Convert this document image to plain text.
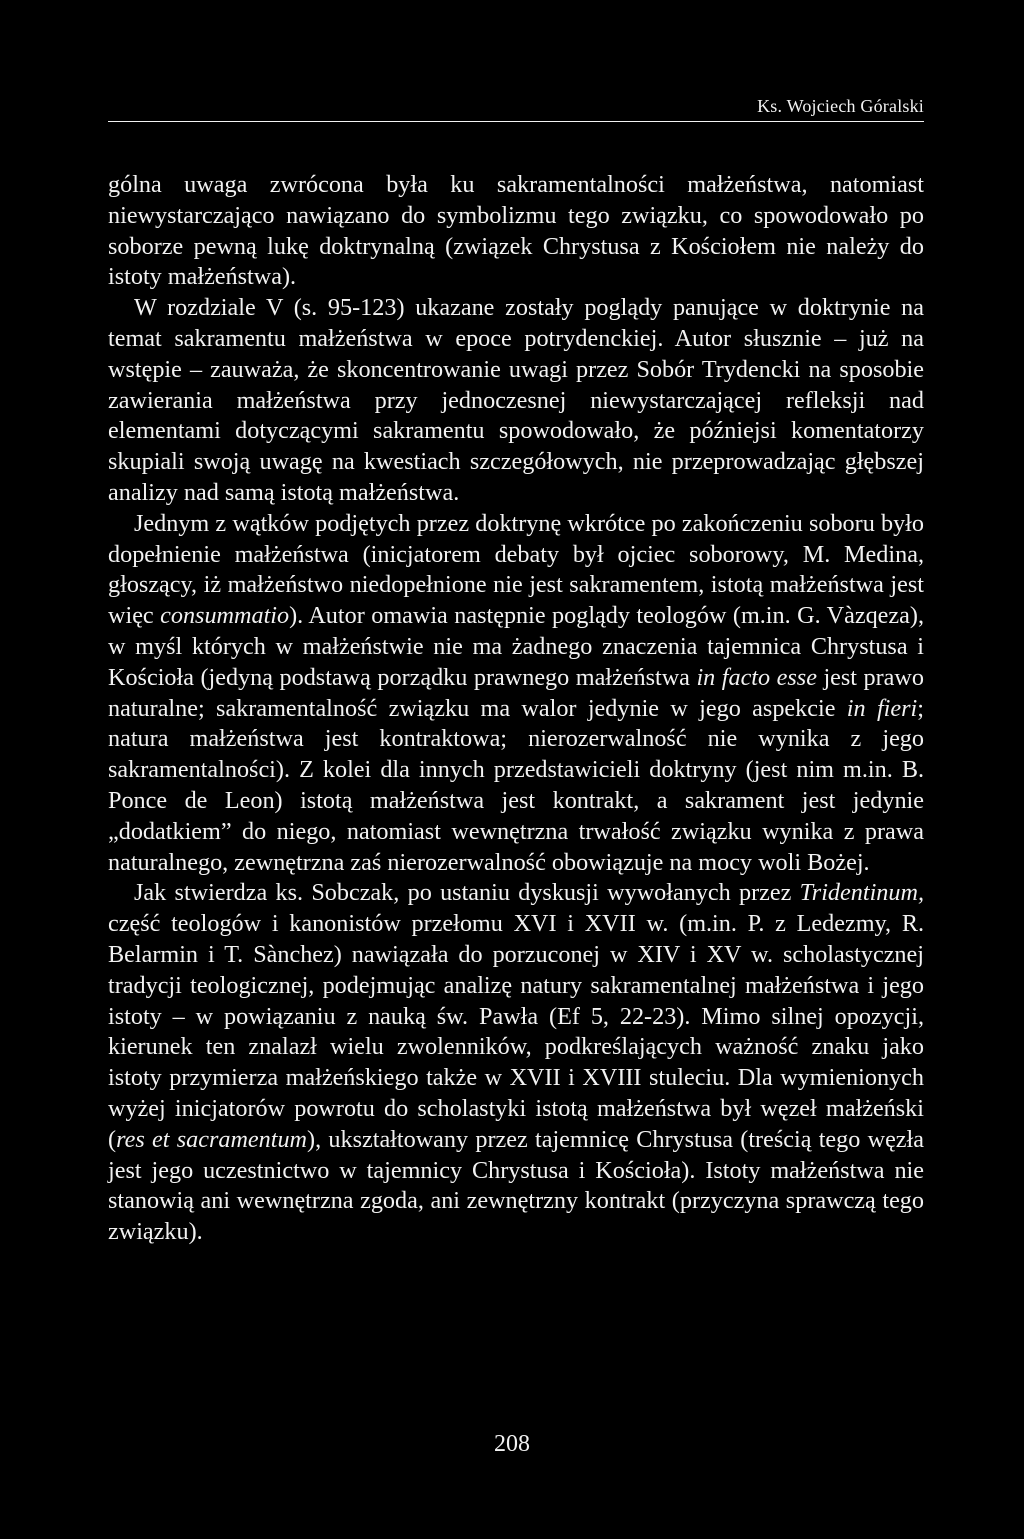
Ks. Wojciech Góralski

gólna uwaga zwrócona była ku sakramentalności małżeństwa, natomiast niewystarczająco nawiązano do symbolizmu tego związku, co spowodowało po soborze pewną lukę doktrynalną (związek Chrystusa z Kościołem nie należy do istoty małżeństwa).

W rozdziale V (s. 95-123) ukazane zostały poglądy panujące w doktrynie na temat sakramentu małżeństwa w epoce potrydenckiej. Autor słusznie – już na wstępie – zauważa, że skoncentrowanie uwagi przez Sobór Trydencki na sposobie zawierania małżeństwa przy jednoczesnej niewystarczającej refleksji nad elementami dotyczącymi sakramentu spowodowało, że późniejsi komentatorzy skupiali swoją uwagę na kwestiach szczegółowych, nie przeprowadzając głębszej analizy nad samą istotą małżeństwa.

Jednym z wątków podjętych przez doktrynę wkrótce po zakończeniu soboru było dopełnienie małżeństwa (inicjatorem debaty był ojciec soborowy, M. Medina, głoszący, iż małżeństwo niedopełnione nie jest sakramentem, istotą małżeństwa jest więc consummatio). Autor omawia następnie poglądy teologów (m.in. G. Vàzqeza), w myśl których w małżeństwie nie ma żadnego znaczenia tajemnica Chrystusa i Kościoła (jedyną podstawą porządku prawnego małżeństwa in facto esse jest prawo naturalne; sakramentalność związku ma walor jedynie w jego aspekcie in fieri; natura małżeństwa jest kontraktowa; nierozerwalność nie wynika z jego sakramentalności). Z kolei dla innych przedstawicieli doktryny (jest nim m.in. B. Ponce de Leon) istotą małżeństwa jest kontrakt, a sakrament jest jedynie „dodatkiem” do niego, natomiast wewnętrzna trwałość związku wynika z prawa naturalnego, zewnętrzna zaś nierozerwalność obowiązuje na mocy woli Bożej.

Jak stwierdza ks. Sobczak, po ustaniu dyskusji wywołanych przez Tridentinum, część teologów i kanonistów przełomu XVI i XVII w. (m.in. P. z Ledezmy, R. Belarmin i T. Sànchez) nawiązała do porzuconej w XIV i XV w. scholastycznej tradycji teologicznej, podejmując analizę natury sakramentalnej małżeństwa i jego istoty – w powiązaniu z nauką św. Pawła (Ef 5, 22-23). Mimo silnej opozycji, kierunek ten znalazł wielu zwolenników, podkreślających ważność znaku jako istoty przymierza małżeńskiego także w XVII i XVIII stuleciu. Dla wymienionych wyżej inicjatorów powrotu do scholastyki istotą małżeństwa był węzeł małżeński (res et sacramentum), ukształtowany przez tajemnicę Chrystusa (treścią tego węzła jest jego uczestnictwo w tajemnicy Chrystusa i Kościoła). Istoty małżeństwa nie stanowią ani wewnętrzna zgoda, ani zewnętrzny kontrakt (przyczyna sprawczą tego związku).

208
